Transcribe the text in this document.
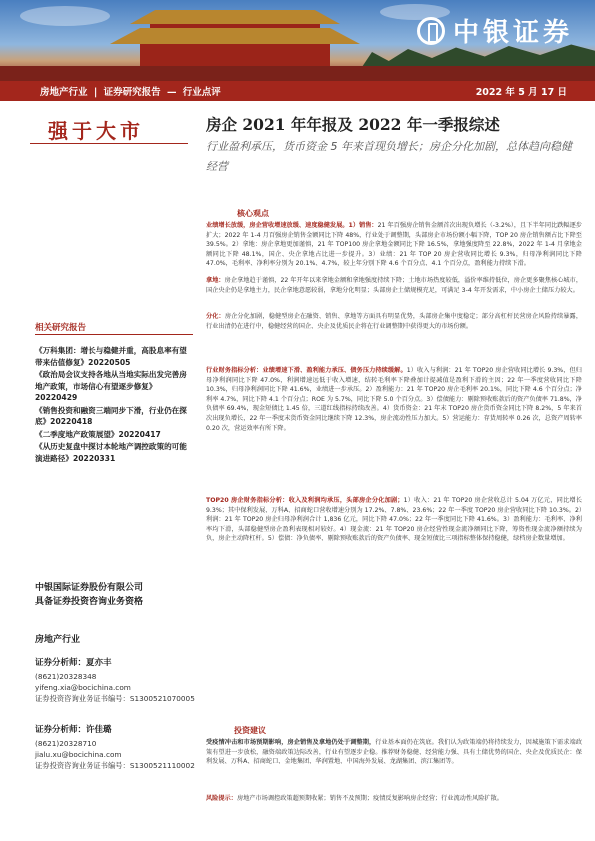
中银证券
房地产行业 | 证券研究报告 — 行业点评	2022 年 5 月 17 日
强于大市
相关研究报告

《万科集团：增长与稳健并重，高股息率有望带来估值修复》20220505

《政治局会议支持各地从当地实际出发完善房地产政策，市场信心有望逐步修复》20220429

《销售投资和融资三端同步下滑，行业仍在探底》20220418

《二季度地产政策展望》20220417

《从历史复盘中探讨本轮地产调控政策的可能演进路径》20220331

中银国际证券股份有限公司

具备证券投资咨询业务资格

房地产行业
证券分析师：夏亦丰
(8621)20328348
yifeng.xia@bocichina.com
证券投资咨询业务证书编号：S1300521070005
证券分析师：许佳璐
(8621)20328710
jialu.xu@bocichina.com
证券投资咨询业务证书编号：S1300521110002
房企 2021 年年报及 2022 年一季报综述
行业盈利承压，货币资金 5 年来首现负增长；房企分化加剧，总体趋向稳健经营
核心观点
业绩增长放缓，房企营收增速放缓、速度稳健发展。1）销售：21 年百强房企销售金额首次出现负增长（-3.2%），且下半年同比跌幅逐步扩大；2022 年 1-4 月百强房企销售金额同比下降 48%，行业处于调整期，头部房企市场份额小幅下降，TOP 20 房企销售额占比下降至 39.5%。2）拿地：房企拿地更加谨慎，21 年 TOP100 房企拿地金额同比下降 16.5%，拿地强度降至 22.8%，2022 年 1-4 月拿地金额同比下降 48.1%，国企、央企拿地占比进一步提升。3）业绩：21 年 TOP 20 房企营收同比增长 9.3%，归母净利润同比下降 47.0%，毛利率、净利率分别为 20.1%、4.7%，较上年分别下降 4.6 个百分点、4.1 个百分点，盈利能力持续下滑。
拿地：房企拿地趋于谨慎，22 年开年以来拿地金额和拿地强度持续下降；土地市场热度较低，溢价率维持低位，房企更多聚焦核心城市，国企央企仍是拿地主力，民企拿地意愿较弱，拿地分化明显；头部房企土储规模充足，可满足 3-4 年开发需求，中小房企土储压力较大。
分化：房企分化加剧，稳健型房企在融资、销售、拿地等方面具有明显优势，头部房企集中度稳定；部分高杠杆民营房企风险持续暴露，行业出清仍在进行中，稳健经营的国企、央企及优质民企将在行业调整期中获得更大的市场份额。
行业财务指标分析：业绩增速下滑、盈利能力承压、债务压力持续缓解。1）收入与利润：21 年 TOP20 房企营收同比增长 9.3%，但归母净利润同比下降 47.0%，利润增速远低于收入增速，结转毛利率下降叠加计提减值是盈利下滑的主因；22 年一季度营收同比下降 10.3%，归母净利润同比下降 41.6%，业绩进一步承压。2）盈利能力：21 年 TOP20 房企毛利率 20.1%，同比下降 4.6 个百分点；净利率 4.7%，同比下降 4.1 个百分点；ROE 为 5.7%，同比下降 5.0 个百分点。3）偿债能力：剔除预收账款后的资产负债率 71.8%，净负债率 69.4%，现金短债比 1.45 倍，三道红线指标持续改善。4）货币资金：21 年末 TOP20 房企货币资金同比下降 8.2%，5 年来首次出现负增长，22 年一季度末货币资金同比继续下降 12.3%，房企流动性压力加大。5）营运能力：存货周转率 0.26 次，总资产周转率 0.20 次，营运效率有所下降。
TOP20 房企财务指标分析：收入及利润均承压，头部房企分化加剧；1）收入：21 年 TOP20 房企营收总计 5.04 万亿元，同比增长 9.3%；其中保利发展、万科A、招商蛇口营收增速分别为 17.2%、7.8%、23.6%；22 年一季度 TOP20 房企营收同比下降 10.3%。2）利润：21 年 TOP20 房企归母净利润合计 1,836 亿元，同比下降 47.0%；22 年一季度同比下降 41.6%。3）盈利能力：毛利率、净利率均下滑，头部稳健型房企盈利表现相对较好。4）现金流：21 年 TOP20 房企经营性现金流净额同比下降，筹资性现金流净额持续为负，房企主动降杠杆。5）偿债：净负债率、剔除预收账款后的资产负债率、现金短债比三项指标整体保持稳健，绿档房企数量增加。
投资建议
受疫情冲击和市场预期影响，房企销售及拿地仍处于调整期，行业基本面仍在筑底。我们认为政策端仍将持续发力，因城施策下需求端政策有望进一步放松，融资端政策边际改善，行业有望逐步企稳。推荐财务稳健、经营能力强、具有土储优势的国企、央企及优质民企：保利发展、万科A、招商蛇口、金地集团、华润置地、中国海外发展、龙湖集团、滨江集团等。
风险提示：房地产市场调控政策超预期收紧；销售不及预期；疫情反复影响房企经营；行业流动性风险扩散。
